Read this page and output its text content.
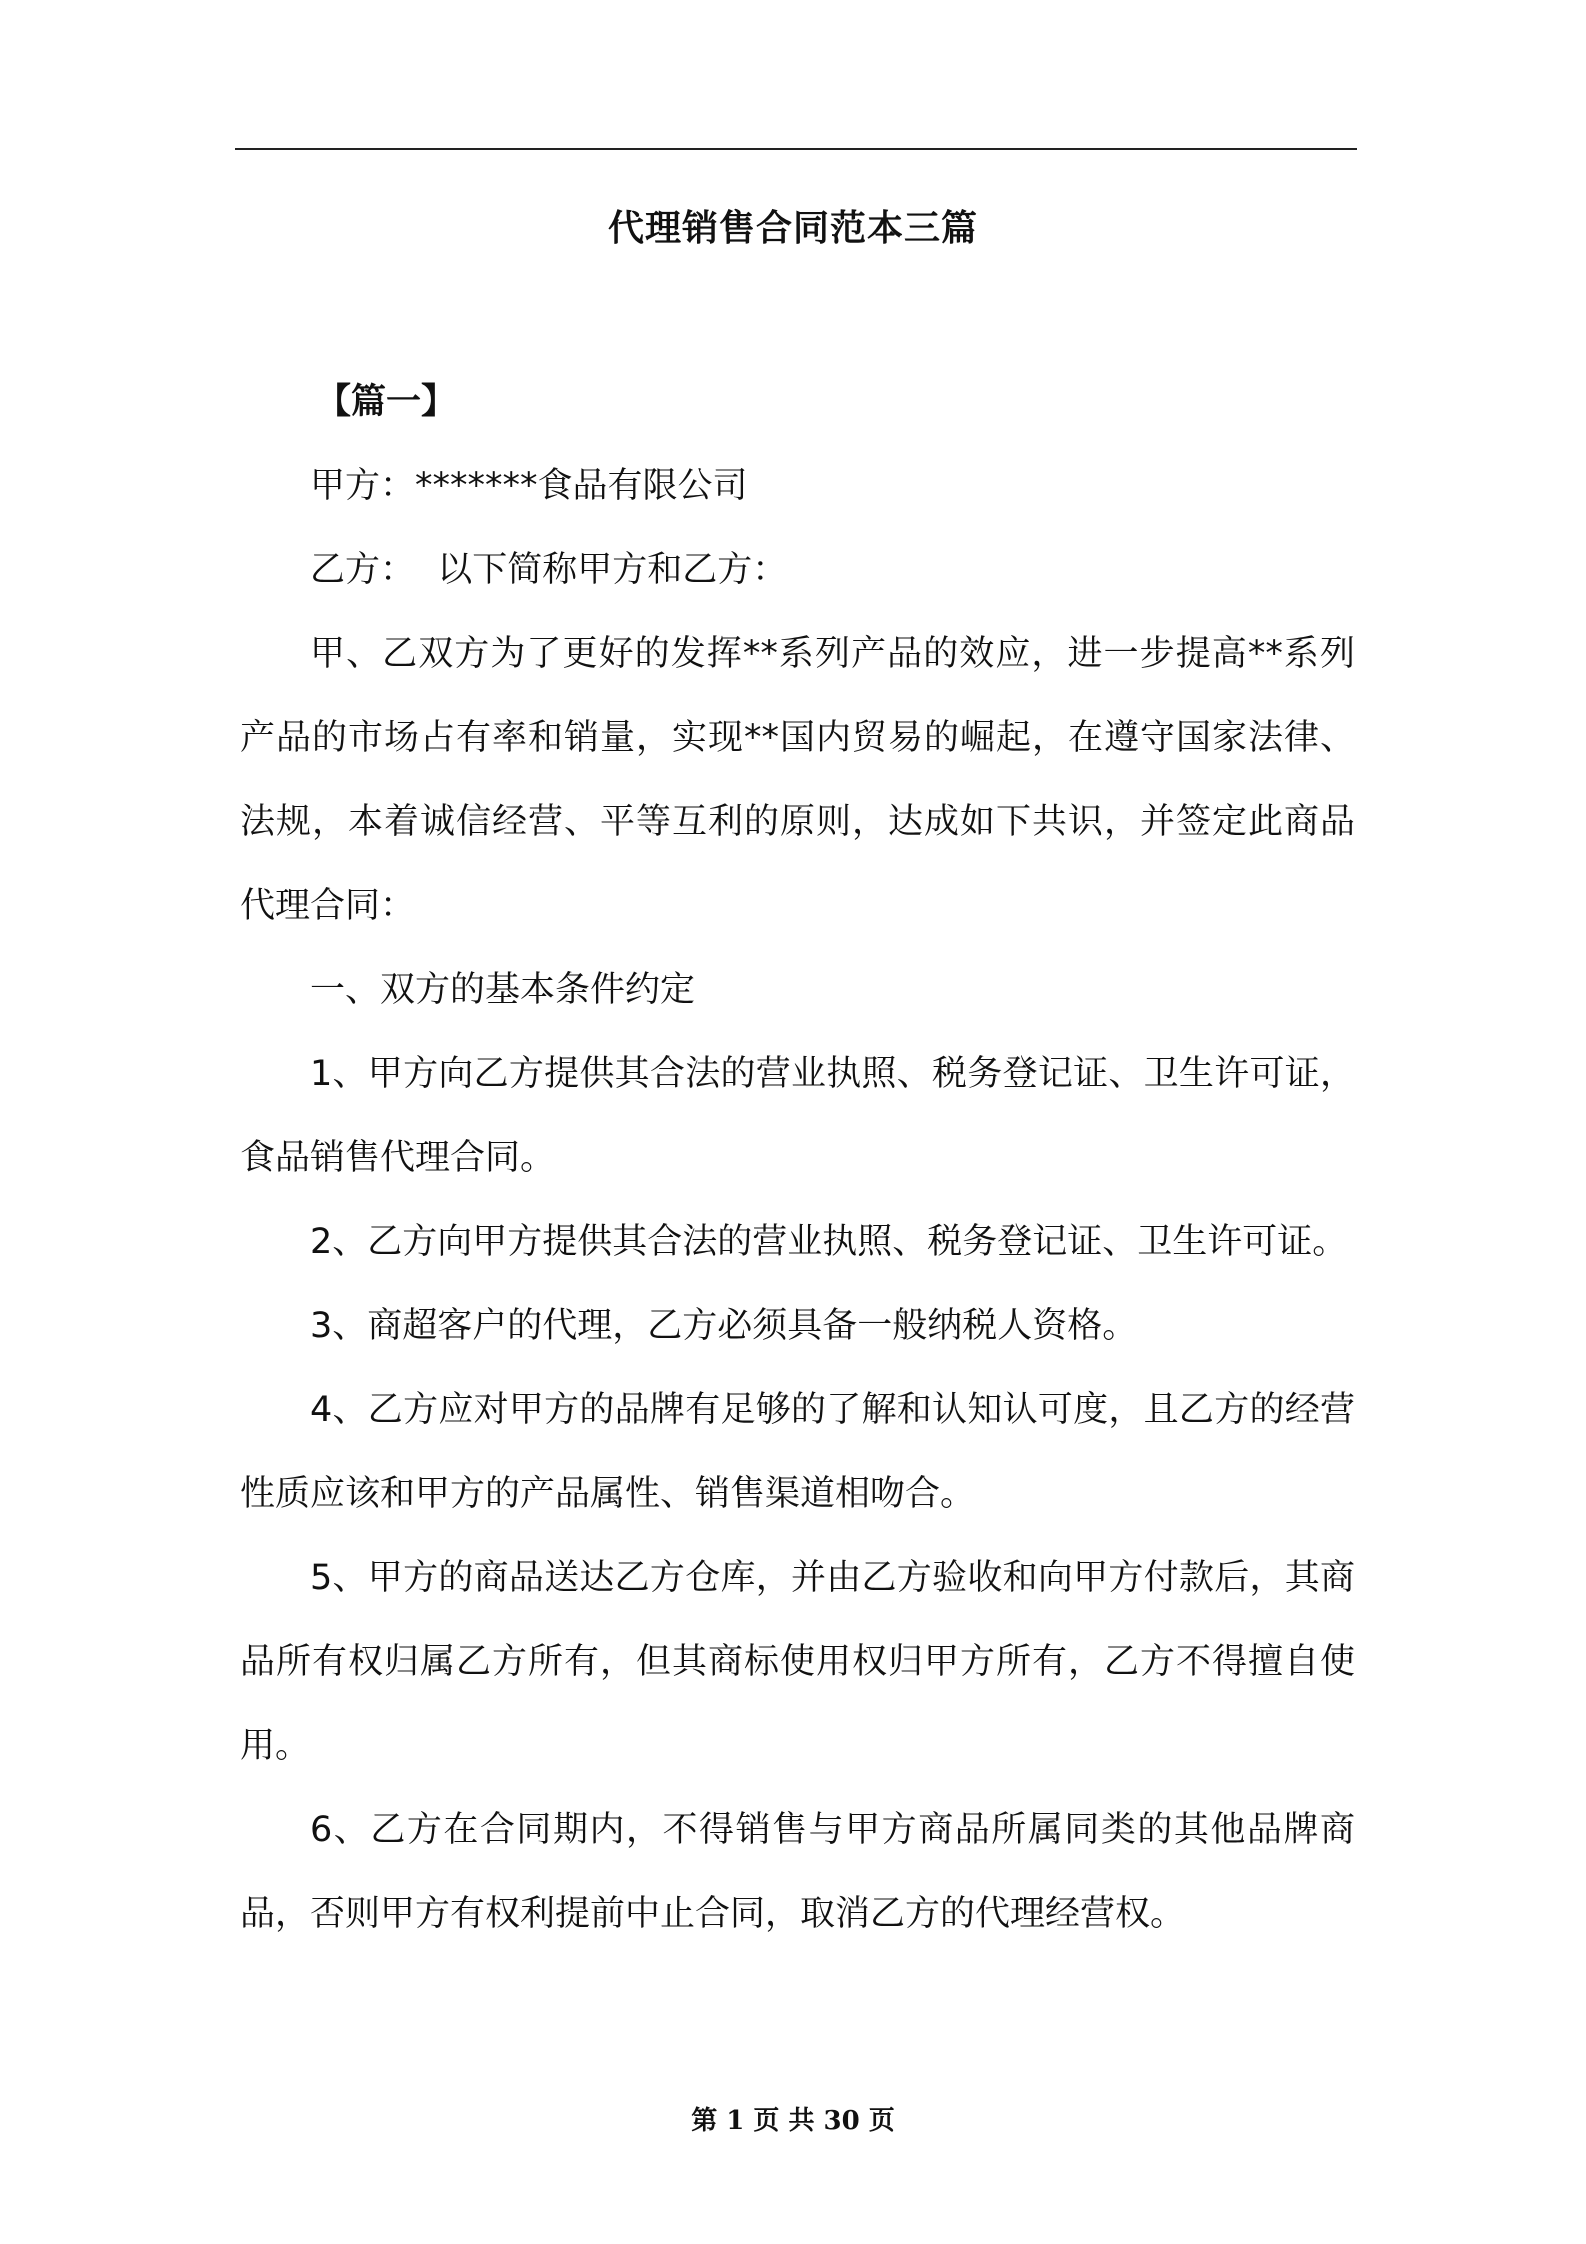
代理销售合同范本三篇

【篇一】

甲方：*******食品有限公司

乙方： 以下简称甲方和乙方：

甲、乙双方为了更好的发挥**系列产品的效应，进一步提高**系列产品的市场占有率和销量，实现**国内贸易的崛起，在遵守国家法律、法规，本着诚信经营、平等互利的原则，达成如下共识，并签定此商品代理合同：

一、双方的基本条件约定

1、甲方向乙方提供其合法的营业执照、税务登记证、卫生许可证，食品销售代理合同。

2、乙方向甲方提供其合法的营业执照、税务登记证、卫生许可证。

3、商超客户的代理，乙方必须具备一般纳税人资格。

4、乙方应对甲方的品牌有足够的了解和认知认可度，且乙方的经营性质应该和甲方的产品属性、销售渠道相吻合。

5、甲方的商品送达乙方仓库，并由乙方验收和向甲方付款后，其商品所有权归属乙方所有，但其商标使用权归甲方所有，乙方不得擅自使用。

6、乙方在合同期内，不得销售与甲方商品所属同类的其他品牌商品，否则甲方有权利提前中止合同，取消乙方的代理经营权。

第 1 页 共 30 页
